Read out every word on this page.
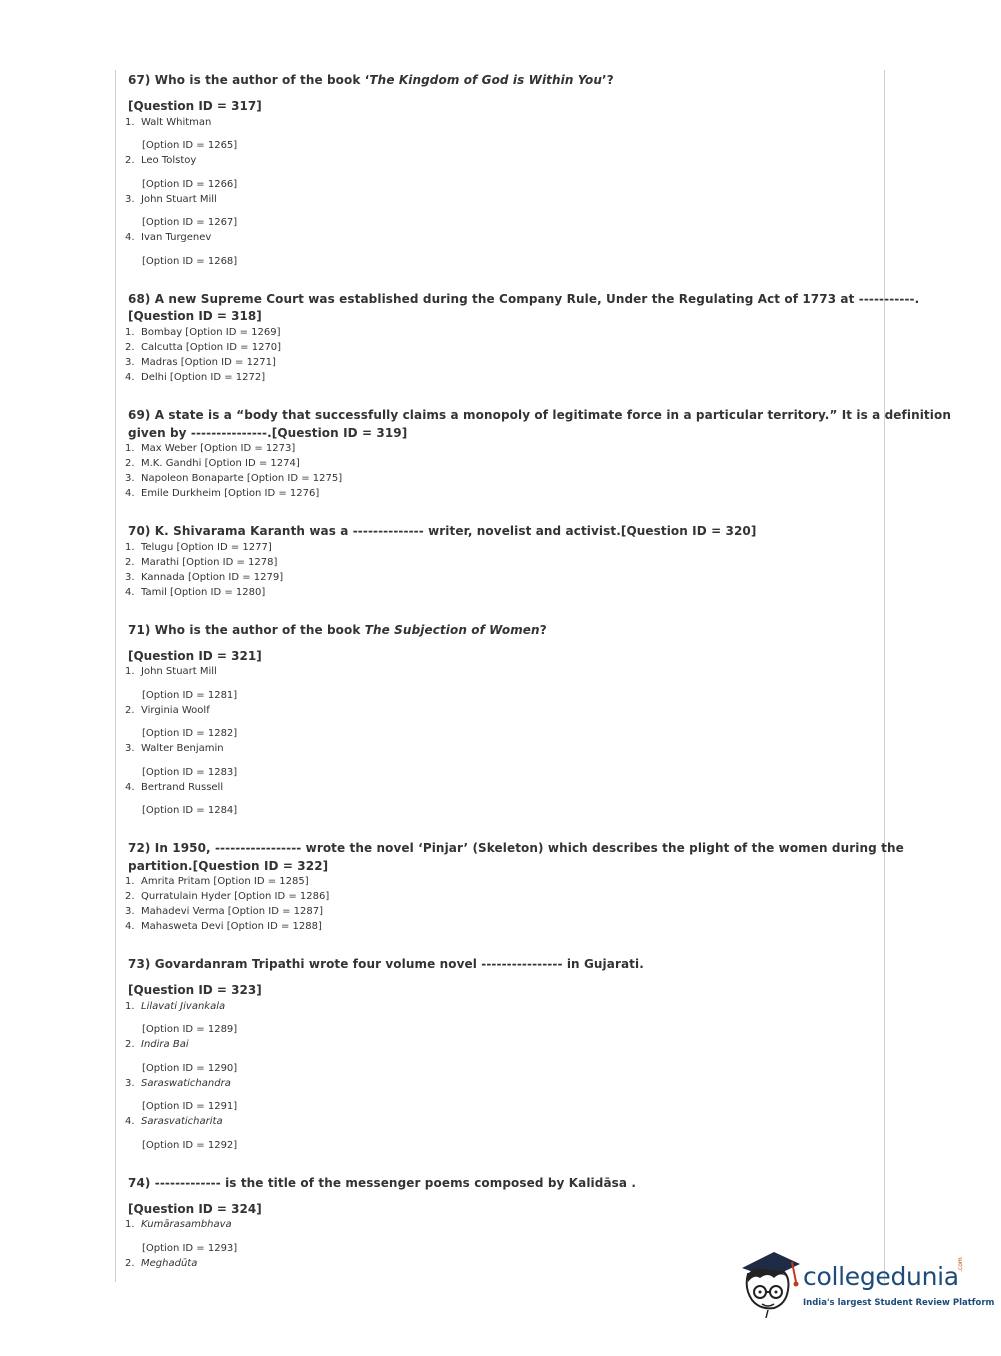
67) Who is the author of the book ‘The Kingdom of God is Within You’?
[Question ID = 317]
1. Walt Whitman
[Option ID = 1265]
2. Leo Tolstoy
[Option ID = 1266]
3. John Stuart Mill
[Option ID = 1267]
4. Ivan Turgenev
[Option ID = 1268]
68) A new Supreme Court was established during the Company Rule, Under the Regulating Act of 1773 at -----------.
[Question ID = 318]
1. Bombay [Option ID = 1269]
2. Calcutta [Option ID = 1270]
3. Madras [Option ID = 1271]
4. Delhi [Option ID = 1272]
69) A state is a “body that successfully claims a monopoly of legitimate force in a particular territory.” It is a definition
given by ---------------.[Question ID = 319]
1. Max Weber [Option ID = 1273]
2. M.K. Gandhi [Option ID = 1274]
3. Napoleon Bonaparte [Option ID = 1275]
4. Emile Durkheim [Option ID = 1276]
70) K. Shivarama Karanth was a -------------- writer, novelist and activist.[Question ID = 320]
1. Telugu [Option ID = 1277]
2. Marathi [Option ID = 1278]
3. Kannada [Option ID = 1279]
4. Tamil [Option ID = 1280]
71) Who is the author of the book The Subjection of Women?
[Question ID = 321]
1. John Stuart Mill
[Option ID = 1281]
2. Virginia Woolf
[Option ID = 1282]
3. Walter Benjamin
[Option ID = 1283]
4. Bertrand Russell
[Option ID = 1284]
72) In 1950, ----------------- wrote the novel ‘Pinjar’ (Skeleton) which describes the plight of the women during the
partition.[Question ID = 322]
1. Amrita Pritam [Option ID = 1285]
2. Qurratulain Hyder [Option ID = 1286]
3. Mahadevi Verma [Option ID = 1287]
4. Mahasweta Devi [Option ID = 1288]
73) Govardanram Tripathi wrote four volume novel ---------------- in Gujarati.
[Question ID = 323]
1. Lilavati Jivankala
[Option ID = 1289]
2. Indira Bai
[Option ID = 1290]
3. Saraswatichandra
[Option ID = 1291]
4. Sarasvaticharita
[Option ID = 1292]
74) ------------- is the title of the messenger poems composed by Kalidāsa .
[Question ID = 324]
1. Kumārasambhava
[Option ID = 1293]
2. Meghadūta	collegedunia
.com
India's largest Student Review Platform
